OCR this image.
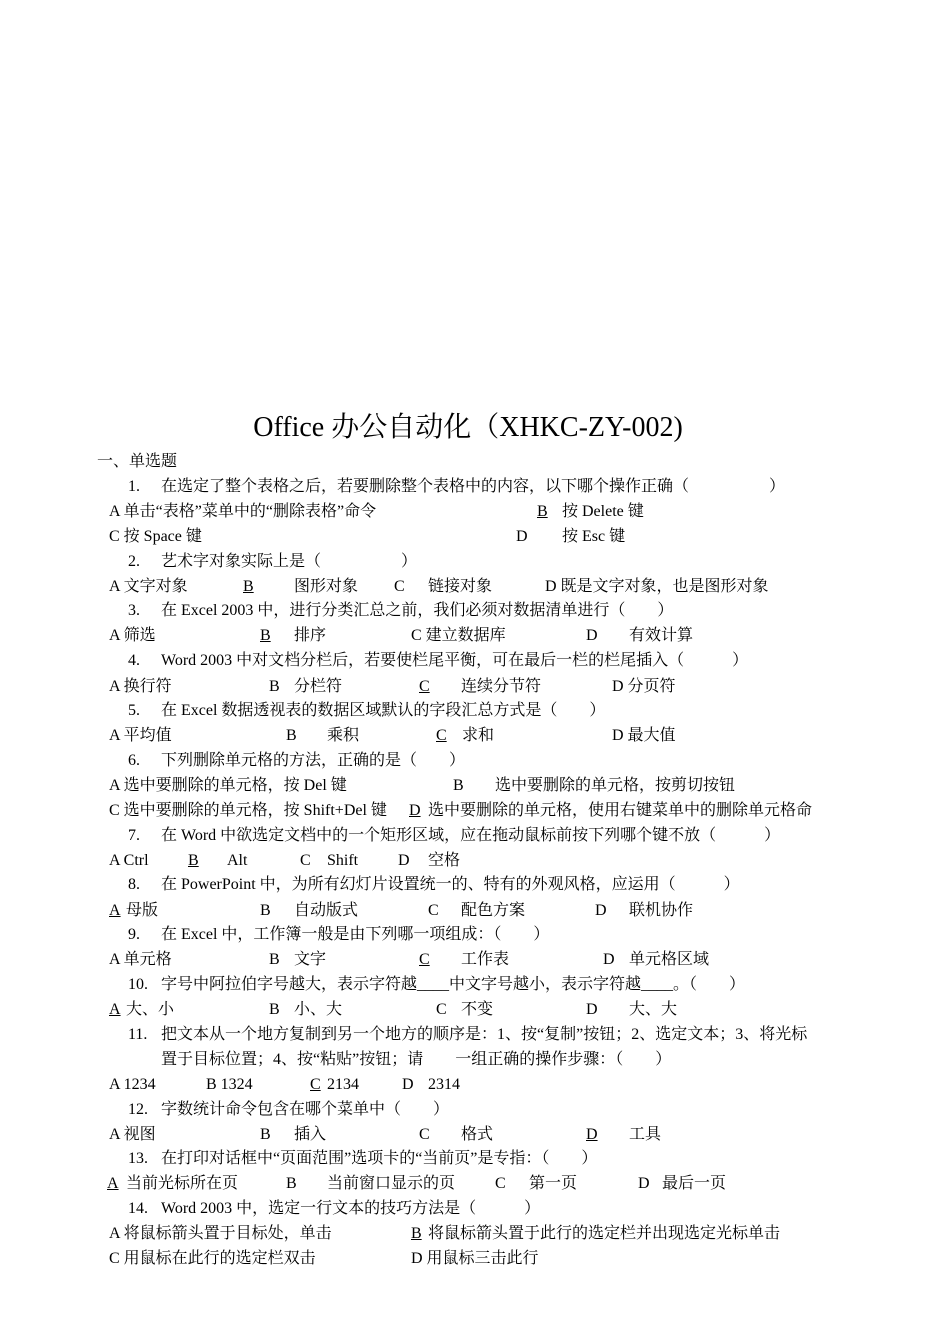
Office 办公自动化（XHKC-ZY-002)
一、单选题
1. 在选定了整个表格之后，若要删除整个表格中的内容，以下哪个操作正确（　　　　　）
A 单击“表格”菜单中的“删除表格”命令	B 按 Delete 键
C 按 Space 键	D 按 Esc 键
2. 艺术字对象实际上是（　　　　　）
A 文字对象	B	图形对象 C 链接对象	D 既是文字对象，也是图形对象
3. 在 Excel 2003 中，进行分类汇总之前，我们必须对数据清单进行（　　）
A 筛选	B 排序	C 建立数据库	D 有效计算
4. Word 2003 中对文档分栏后，若要使栏尾平衡，可在最后一栏的栏尾插入（　　　）
A 换行符	B 分栏符	C 连续分节符	D 分页符
5. 在 Excel 数据透视表的数据区域默认的字段汇总方式是（　　）
A 平均值	B 乘积	C 求和	D 最大值
6. 下列删除单元格的方法，正确的是（　　）
A 选中要删除的单元格，按 Del 键	B 选中要删除的单元格，按剪切按钮
C 选中要删除的单元格，按 Shift+Del 键 D 选中要删除的单元格，使用右键菜单中的删除单元格命
7. 在 Word 中欲选定文档中的一个矩形区域，应在拖动鼠标前按下列哪个键不放（　　　）
A Ctrl B Alt	C Shift D 空格
8. 在 PowerPoint 中，为所有幻灯片设置统一的、特有的外观风格，应运用（　　　）
A 母版	B 自动版式	C 配色方案	D 联机协作
9. 在 Excel 中，工作簿一般是由下列哪一项组成：（　　）
A 单元格	B 文字	C 工作表	D 单元格区域
10. 字号中阿拉伯字号越大，表示字符越____中文字号越小，表示字符越____。（　　）
A 大、小	B 小、大	C 不变	D 大、大
11. 把文本从一个地方复制到另一个地方的顺序是：1、按“复制”按钮；2、选定文本；3、将光标
置于目标位置；4、按“粘贴”按钮；请　　一组正确的操作步骤：（　　）
A 1234	B 1324	C 2134	D 2314
12. 字数统计命令包含在哪个菜单中（　　）
A 视图	B 插入	C 格式	D 工具
13. 在打印对话框中“页面范围”选项卡的“当前页”是专指：（　　）
A 当前光标所在页	B 当前窗口显示的页 C 第一页	D 最后一页
14. Word 2003 中，选定一行文本的技巧方法是（　　　）
A 将鼠标箭头置于目标处，单击	B 将鼠标箭头置于此行的选定栏并出现选定光标单击
C 用鼠标在此行的选定栏双击	D 用鼠标三击此行
